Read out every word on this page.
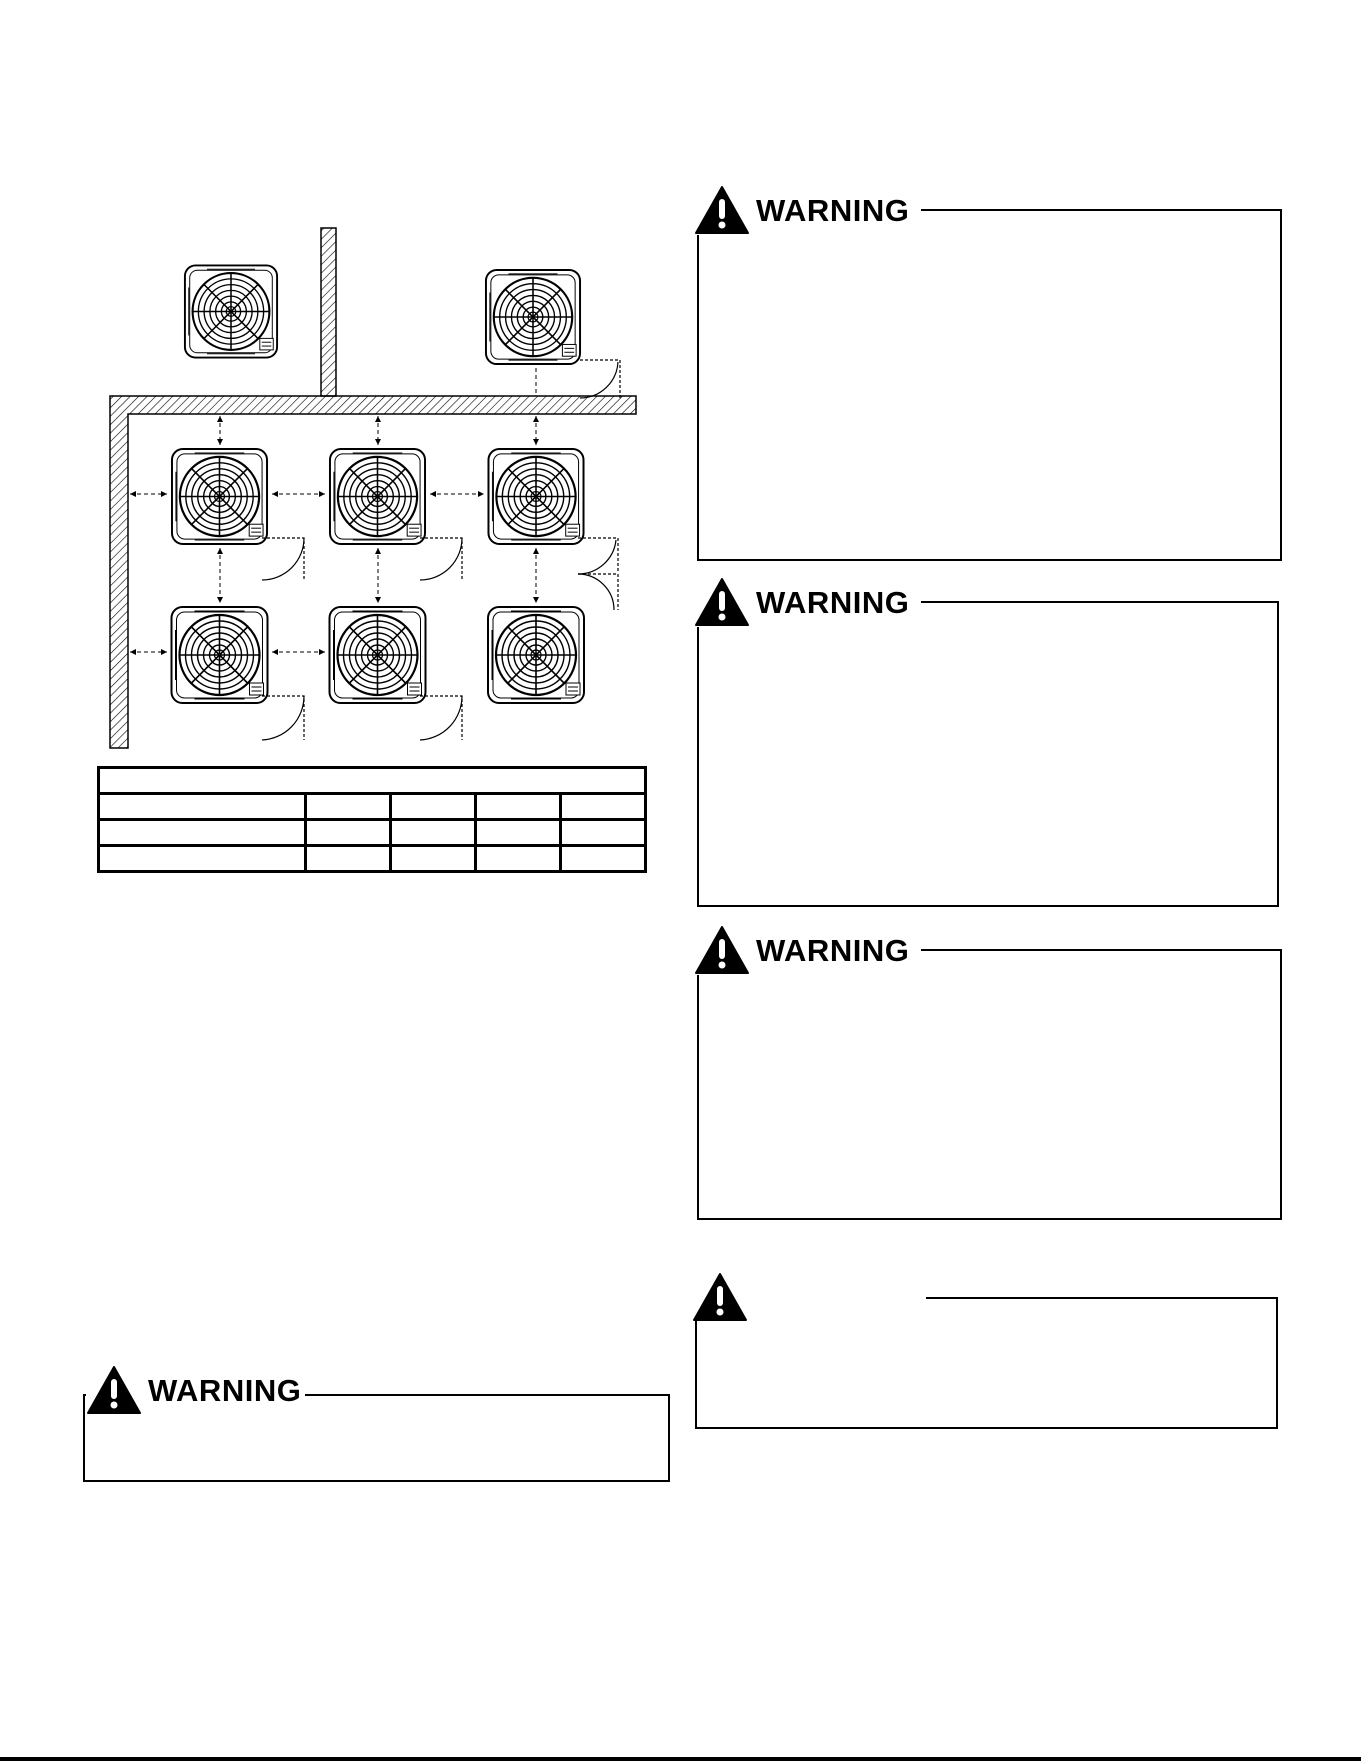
WARNING
WARNING
WARNING
WARNING
